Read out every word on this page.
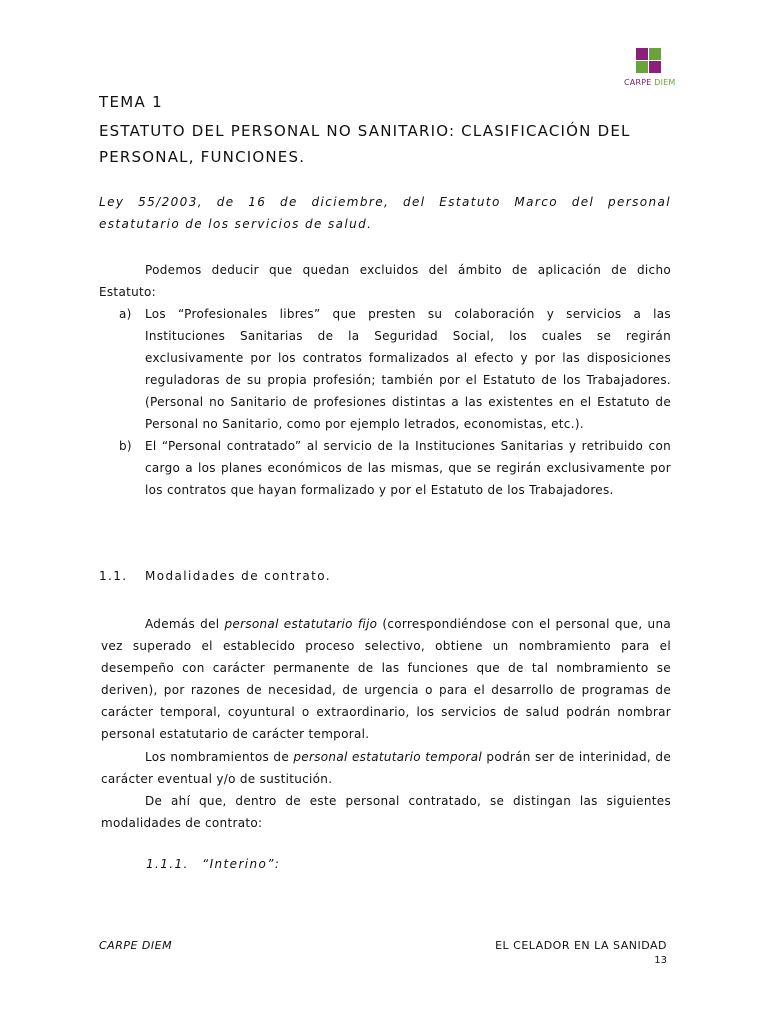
CARPE DIEM
TEMA 1
ESTATUTO DEL PERSONAL NO SANITARIO: CLASIFICACIÓN DEL PERSONAL, FUNCIONES.
Ley 55/2003, de 16 de diciembre, del Estatuto Marco del personal estatutario de los servicios de salud.
Podemos deducir que quedan excluidos del ámbito de aplicación de dicho Estatuto:
a) Los “Profesionales libres” que presten su colaboración y servicios a las Instituciones Sanitarias de la Seguridad Social, los cuales se regirán exclusivamente por los contratos formalizados al efecto y por las disposiciones reguladoras de su propia profesión; también por el Estatuto de los Trabajadores. (Personal no Sanitario de profesiones distintas a las existentes en el Estatuto de Personal no Sanitario, como por ejemplo letrados, economistas, etc.).
b) El “Personal contratado” al servicio de la Instituciones Sanitarias y retribuido con cargo a los planes económicos de las mismas, que se regirán exclusivamente por los contratos que hayan formalizado y por el Estatuto de los Trabajadores.
1.1. Modalidades de contrato.

Además del personal estatutario fijo (correspondiéndose con el personal que, una vez superado el establecido proceso selectivo, obtiene un nombramiento para el desempeño con carácter permanente de las funciones que de tal nombramiento se deriven), por razones de necesidad, de urgencia o para el desarrollo de programas de carácter temporal, coyuntural o extraordinario, los servicios de salud podrán nombrar personal estatutario de carácter temporal.

Los nombramientos de personal estatutario temporal podrán ser de interinidad, de carácter eventual y/o de sustitución.

De ahí que, dentro de este personal contratado, se distingan las siguientes modalidades de contrato:

1.1.1. “Interino”:
CARPE DIEM	EL CELADOR EN LA SANIDAD
13
